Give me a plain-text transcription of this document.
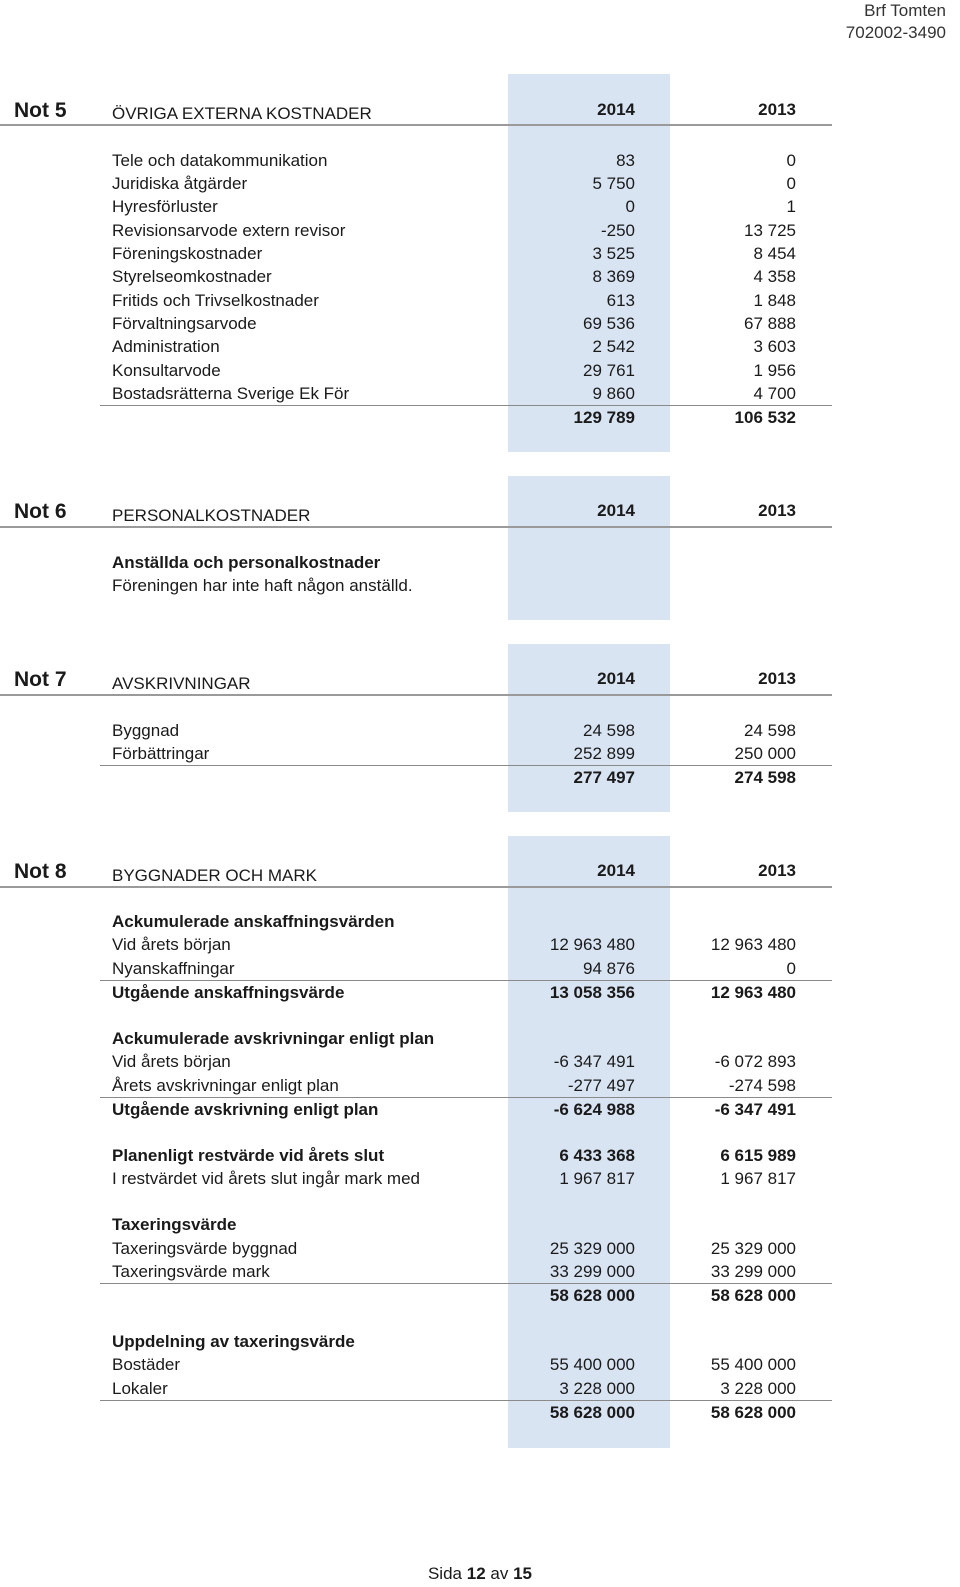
Brf Tomten
702002-3490
Not 5	ÖVRIGA EXTERNA KOSTNADER	2014	2013
Tele och datakommunikation	83	0
Juridiska åtgärder	5 750	0
Hyresförluster	0	1
Revisionsarvode extern revisor	-250	13 725
Föreningskostnader	3 525	8 454
Styrelseomkostnader	8 369	4 358
Fritids och Trivselkostnader	613	1 848
Förvaltningsarvode	69 536	67 888
Administration	2 542	3 603
Konsultarvode	29 761	1 956
Bostadsrätterna Sverige Ek För	9 860	4 700
129 789	106 532
Not 6	PERSONALKOSTNADER	2014	2013
Anställda och personalkostnader
Föreningen har inte haft någon anställd.
Not 7	AVSKRIVNINGAR	2014	2013
Byggnad	24 598	24 598
Förbättringar	252 899	250 000
277 497	274 598
Not 8	BYGGNADER OCH MARK	2014	2013
Ackumulerade anskaffningsvärden
Vid årets början	12 963 480	12 963 480
Nyanskaffningar	94 876	0
Utgående anskaffningsvärde	13 058 356	12 963 480
Ackumulerade avskrivningar enligt plan
Vid årets början	-6 347 491	-6 072 893
Årets avskrivningar enligt plan	-277 497	-274 598
Utgående avskrivning enligt plan	-6 624 988	-6 347 491
Planenligt restvärde vid årets slut	6 433 368	6 615 989
I restvärdet vid årets slut ingår mark med	1 967 817	1 967 817
Taxeringsvärde
Taxeringsvärde byggnad	25 329 000	25 329 000
Taxeringsvärde mark	33 299 000	33 299 000
58 628 000	58 628 000
Uppdelning av taxeringsvärde
Bostäder	55 400 000	55 400 000
Lokaler	3 228 000	3 228 000
58 628 000	58 628 000
Sida 12 av 15
